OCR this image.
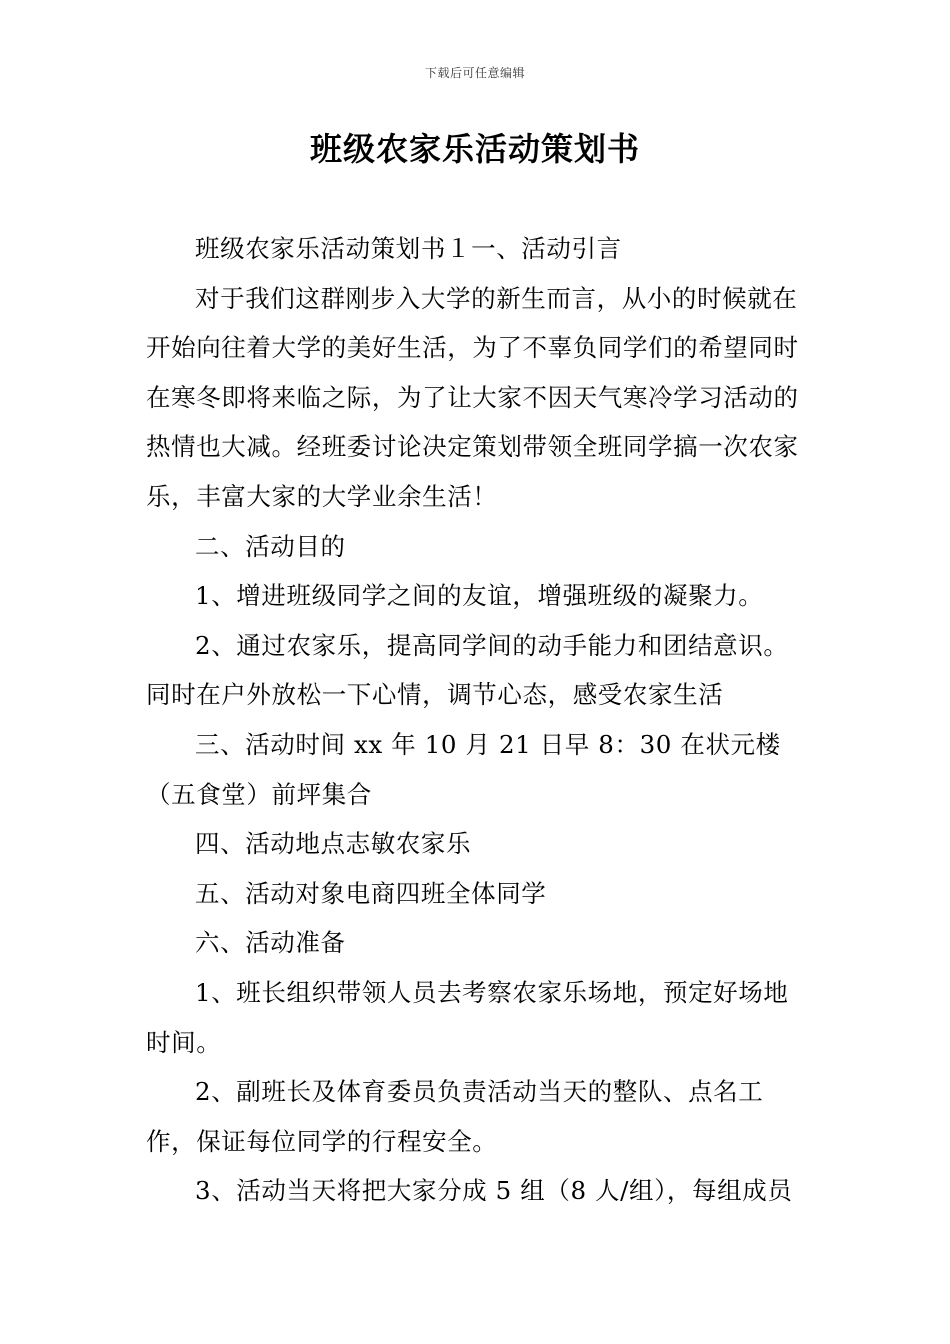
下载后可任意编辑
班级农家乐活动策划书

班级农家乐活动策划书１一、活动引言

对于我们这群刚步入大学的新生而言，从小的时候就在开始向往着大学的美好生活，为了不辜负同学们的希望同时在寒冬即将来临之际，为了让大家不因天气寒冷学习活动的热情也大减。经班委讨论决定策划带领全班同学搞一次农家乐，丰富大家的大学业余生活！

二、活动目的

1、增进班级同学之间的友谊，增强班级的凝聚力。

2、通过农家乐，提高同学间的动手能力和团结意识。同时在户外放松一下心情，调节心态，感受农家生活

三、活动时间 xx 年 10 月 21 日早 8：30 在状元楼（五食堂）前坪集合

四、活动地点志敏农家乐

五、活动对象电商四班全体同学

六、活动准备

1、班长组织带领人员去考察农家乐场地，预定好场地时间。

2、副班长及体育委员负责活动当天的整队、点名工作，保证每位同学的行程安全。

3、活动当天将把大家分成 5 组（8 人/组），每组成员
